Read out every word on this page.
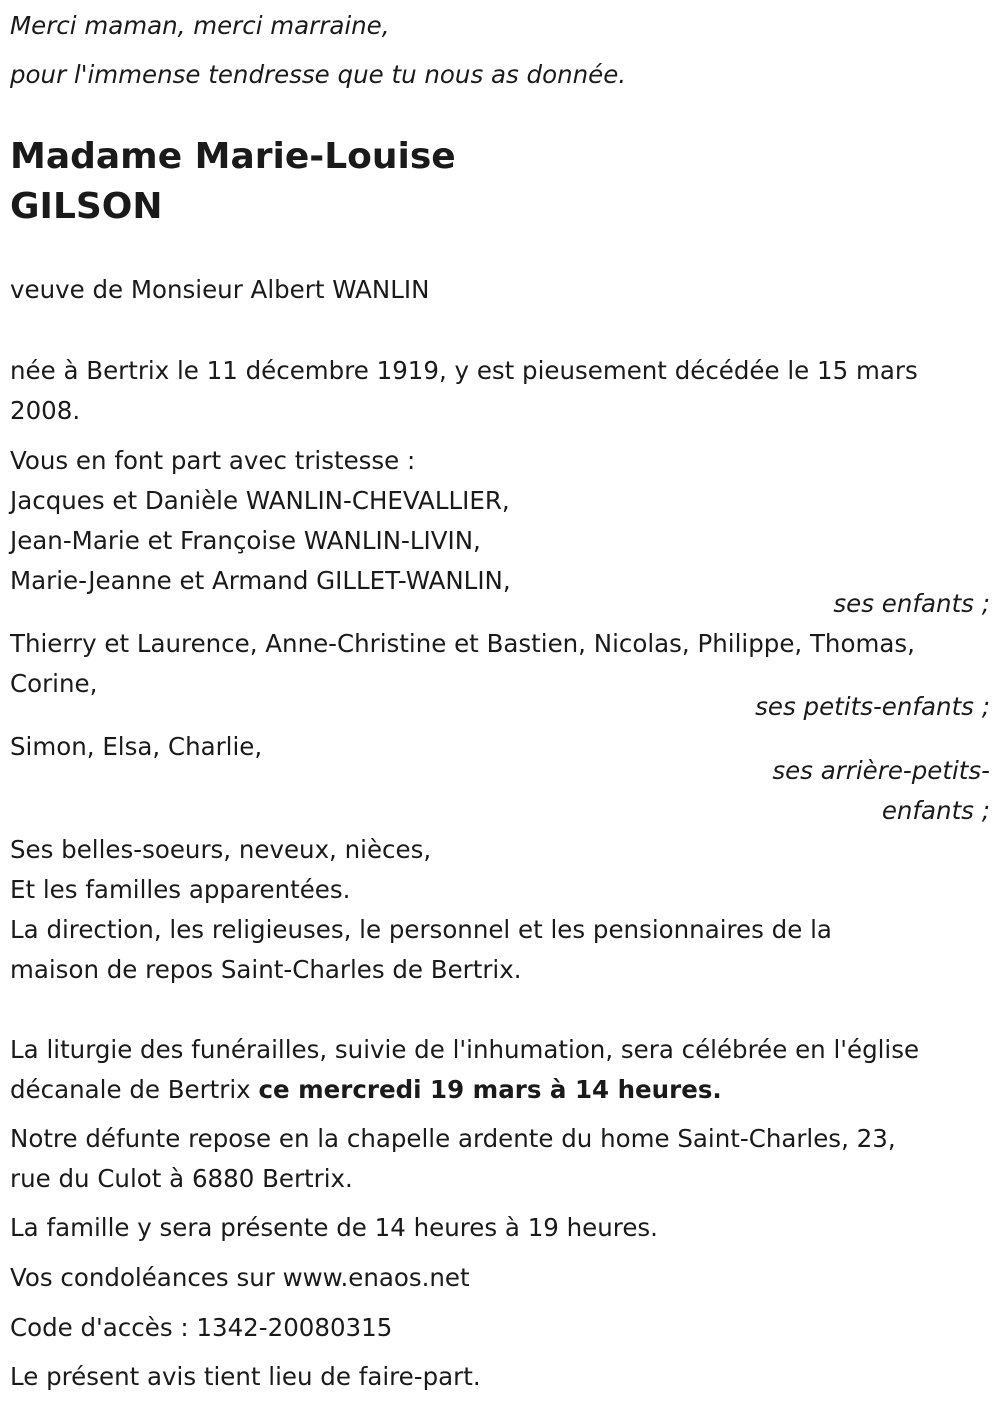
Merci maman, merci marraine,

pour l'immense tendresse que tu nous as donnée.

Madame Marie-Louise

GILSON

veuve de Monsieur Albert WANLIN

née à Bertrix le 11 décembre 1919, y est pieusement décédée le 15 mars

2008.

Vous en font part avec tristesse :

Jacques et Danièle WANLIN-CHEVALLIER,

Jean-Marie et Françoise WANLIN-LIVIN,

Marie-Jeanne et Armand GILLET-WANLIN,

ses enfants ;

Thierry et Laurence, Anne-Christine et Bastien, Nicolas, Philippe, Thomas,

Corine,

ses petits-enfants ;

Simon, Elsa, Charlie,

ses arrière-petits-

enfants ;

Ses belles-soeurs, neveux, nièces,

Et les familles apparentées.

La direction, les religieuses, le personnel et les pensionnaires de la

maison de repos Saint-Charles de Bertrix.

La liturgie des funérailles, suivie de l'inhumation, sera célébrée en l'église

décanale de Bertrix ce mercredi 19 mars à 14 heures.

Notre défunte repose en la chapelle ardente du home Saint-Charles, 23,

rue du Culot à 6880 Bertrix.

La famille y sera présente de 14 heures à 19 heures.

Vos condoléances sur www.enaos.net

Code d'accès : 1342-20080315

Le présent avis tient lieu de faire-part.
